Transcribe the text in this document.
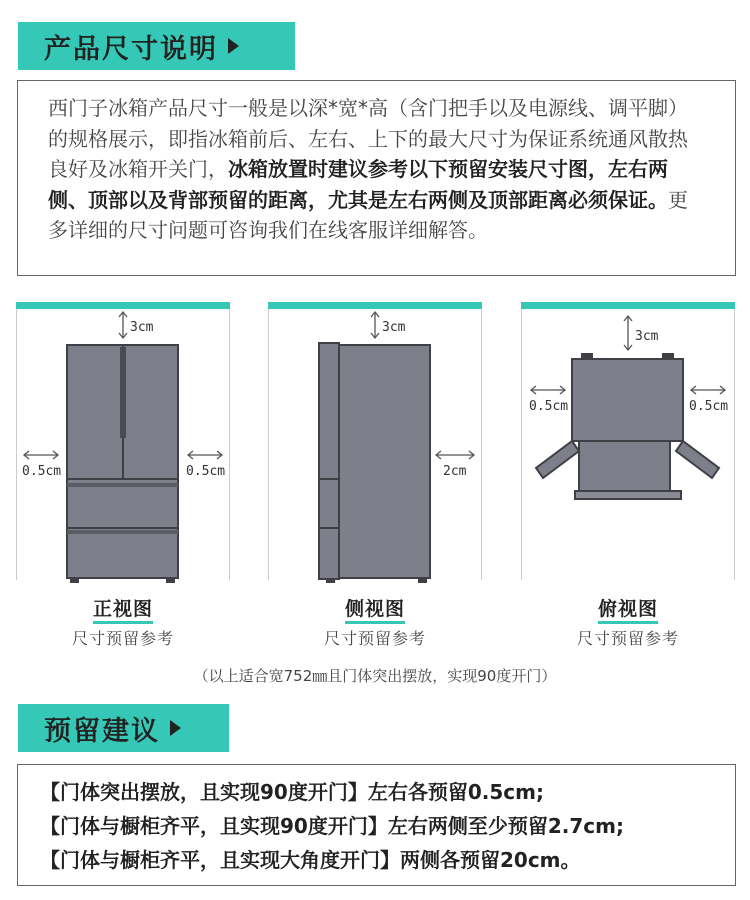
产品尺寸说明
西门子冰箱产品尺寸一般是以深*宽*高（含门把手以及电源线、调平脚）的规格展示，即指冰箱前后、左右、上下的最大尺寸为保证系统通风散热良好及冰箱开关门，冰箱放置时建议参考以下预留安装尺寸图，左右两侧、顶部以及背部预留的距离，尤其是左右两侧及顶部距离必须保证。更多详细的尺寸问题可咨询我们在线客服详细解答。
3cm
0.5cm	0.5cm
正视图
尺寸预留参考
3cm
2cm
侧视图
尺寸预留参考
3cm
0.5cm	0.5cm
俯视图
尺寸预留参考
（以上适合宽752㎜且门体突出摆放，实现90度开门）
预留建议
【门体突出摆放，且实现90度开门】左右各预留0.5cm;
【门体与橱柜齐平，且实现90度开门】左右两侧至少预留2.7cm;
【门体与橱柜齐平，且实现大角度开门】两侧各预留20cm。
